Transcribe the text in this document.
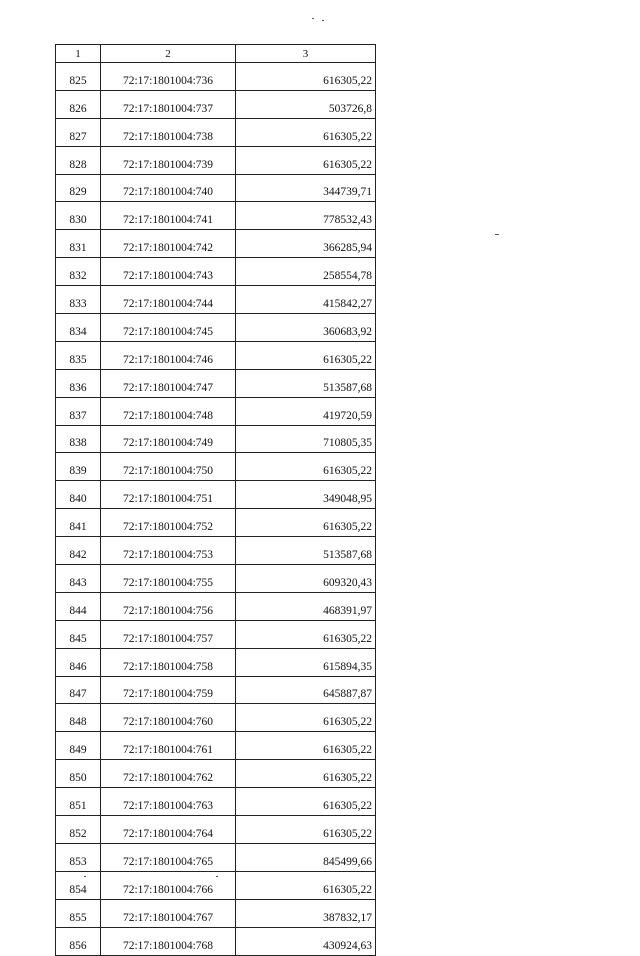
1	2	3
825	72:17:1801004:736	616305,22
826	72:17:1801004:737	503726,8
827	72:17:1801004:738	616305,22
828	72:17:1801004:739	616305,22
829	72:17:1801004:740	344739,71
830	72:17:1801004:741	778532,43
831	72:17:1801004:742	366285,94
832	72:17:1801004:743	258554,78
833	72:17:1801004:744	415842,27
834	72:17:1801004:745	360683,92
835	72:17:1801004:746	616305,22
836	72:17:1801004:747	513587,68
837	72:17:1801004:748	419720,59
838	72:17:1801004:749	710805,35
839	72:17:1801004:750	616305,22
840	72:17:1801004:751	349048,95
841	72:17:1801004:752	616305,22
842	72:17:1801004:753	513587,68
843	72:17:1801004:755	609320,43
844	72:17:1801004:756	468391,97
845	72:17:1801004:757	616305,22
846	72:17:1801004:758	615894,35
847	72:17:1801004:759	645887,87
848	72:17:1801004:760	616305,22
849	72:17:1801004:761	616305,22
850	72:17:1801004:762	616305,22
851	72:17:1801004:763	616305,22
852	72:17:1801004:764	616305,22
853	72:17:1801004:765	845499,66
854	72:17:1801004:766	616305,22
855	72:17:1801004:767	387832,17
856	72:17:1801004:768	430924,63
